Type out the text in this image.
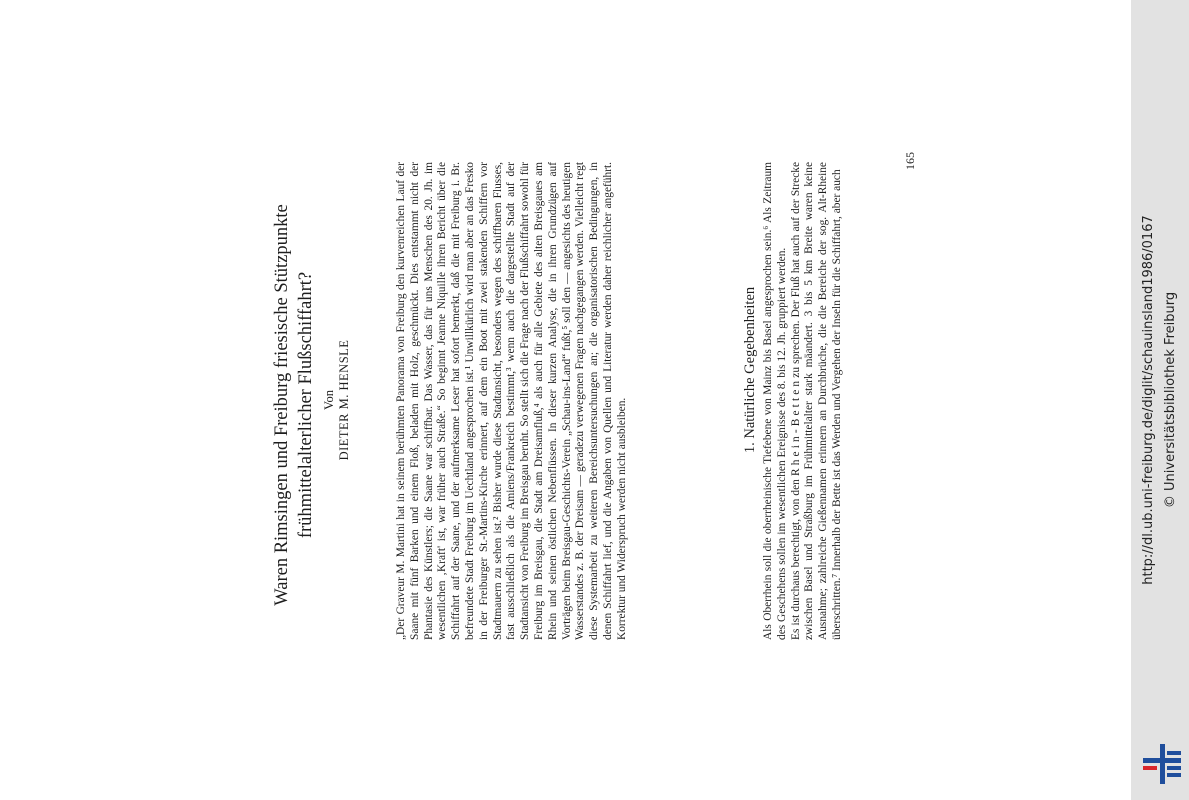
Waren Rimsingen und Freiburg friesische Stützpunkte frühmittelalterlicher Flußschiffahrt? Von DIETER M. HENSLE	„Der Graveur M. Martini hat in seinem berühmten Panorama von Freiburg den kurvenreichen Lauf der Saane mit fünf Barken und einem Floß, beladen mit Holz, geschmückt. Dies entstammt nicht der Phantasie des Künstlers; die Saane war schiffbar. Das Wasser, das für uns Menschen des 20. Jh. im wesentlichen ‚Kraft' ist, war früher auch Straße.“ So beginnt Jeanne Niquille ihren Bericht über die Schiffahrt auf der Saane, und der aufmerksame Leser hat sofort bemerkt, daß die mit Freiburg i. Br. befreundete Stadt Freiburg im Uechtland angesprochen ist.¹ Unwillkürlich wird man aber an das Fresko in der Freiburger St.-Martins-Kirche erinnert, auf dem ein Boot mit zwei stakenden Schiffern vor Stadtmauern zu sehen ist.² Bisher wurde diese Stadtansicht, besonders wegen des schiffbaren Flusses, fast ausschließlich als die Amiens/Frankreich bestimmt,³ wenn auch die dargestellte Stadt auf der Stadtansicht von Freiburg im Breisgau beruht. So stellt sich die Frage nach der Flußschiffahrt sowohl für Freiburg im Breisgau, die Stadt am Dreisamfluß,⁴ als auch für alle Gebiete des alten Breisgaues am Rhein und seinen östlichen Nebenflüssen. In dieser kurzen Analyse, die in ihren Grundzügen auf Vorträgen beim Breisgau-Geschichts-Verein „Schau-ins-Land“ fußt,⁵ soll den — angesichts des heutigen Wasserstandes z. B. der Dreisam — geradezu verwegenen Fragen nachgegangen werden. Vielleicht regt diese Systemarbeit zu weiteren Bereichsuntersuchungen an; die organisatorischen Bedingungen, in denen Schiffahrt lief, und die Angaben von Quellen und Literatur werden daher reichlicher angeführt. Korrektur und Widerspruch werden nicht ausbleiben.

1. Natürliche Gegebenheiten

Als Oberrhein soll die oberrheinische Tiefebene von Mainz bis Basel angesprochen sein.⁶ Als Zeitraum des Geschehens sollen im wesentlichen Ereignisse des 8. bis 12. Jh. gruppiert werden.
Es ist durchaus berechtigt, von den R h e i n - B e t t e n zu sprechen. Der Fluß hat auch auf der Strecke zwischen Basel und Straßburg im Frühmittelalter stark mäandert. 3 bis 5 km Breite waren keine Ausnahme; zahlreiche Gießennamen erinnern an Durchbrüche, die die Bereiche der sog. Alt-Rheine überschritten.⁷ Innerhalb der Bette ist das Werden und Vergehen der Inseln für die Schiffahrt, aber auch

165
http://dl.ub.uni-freiburg.de/diglit/schauinsland1986/0167 © Universitätsbibliothek Freiburg
